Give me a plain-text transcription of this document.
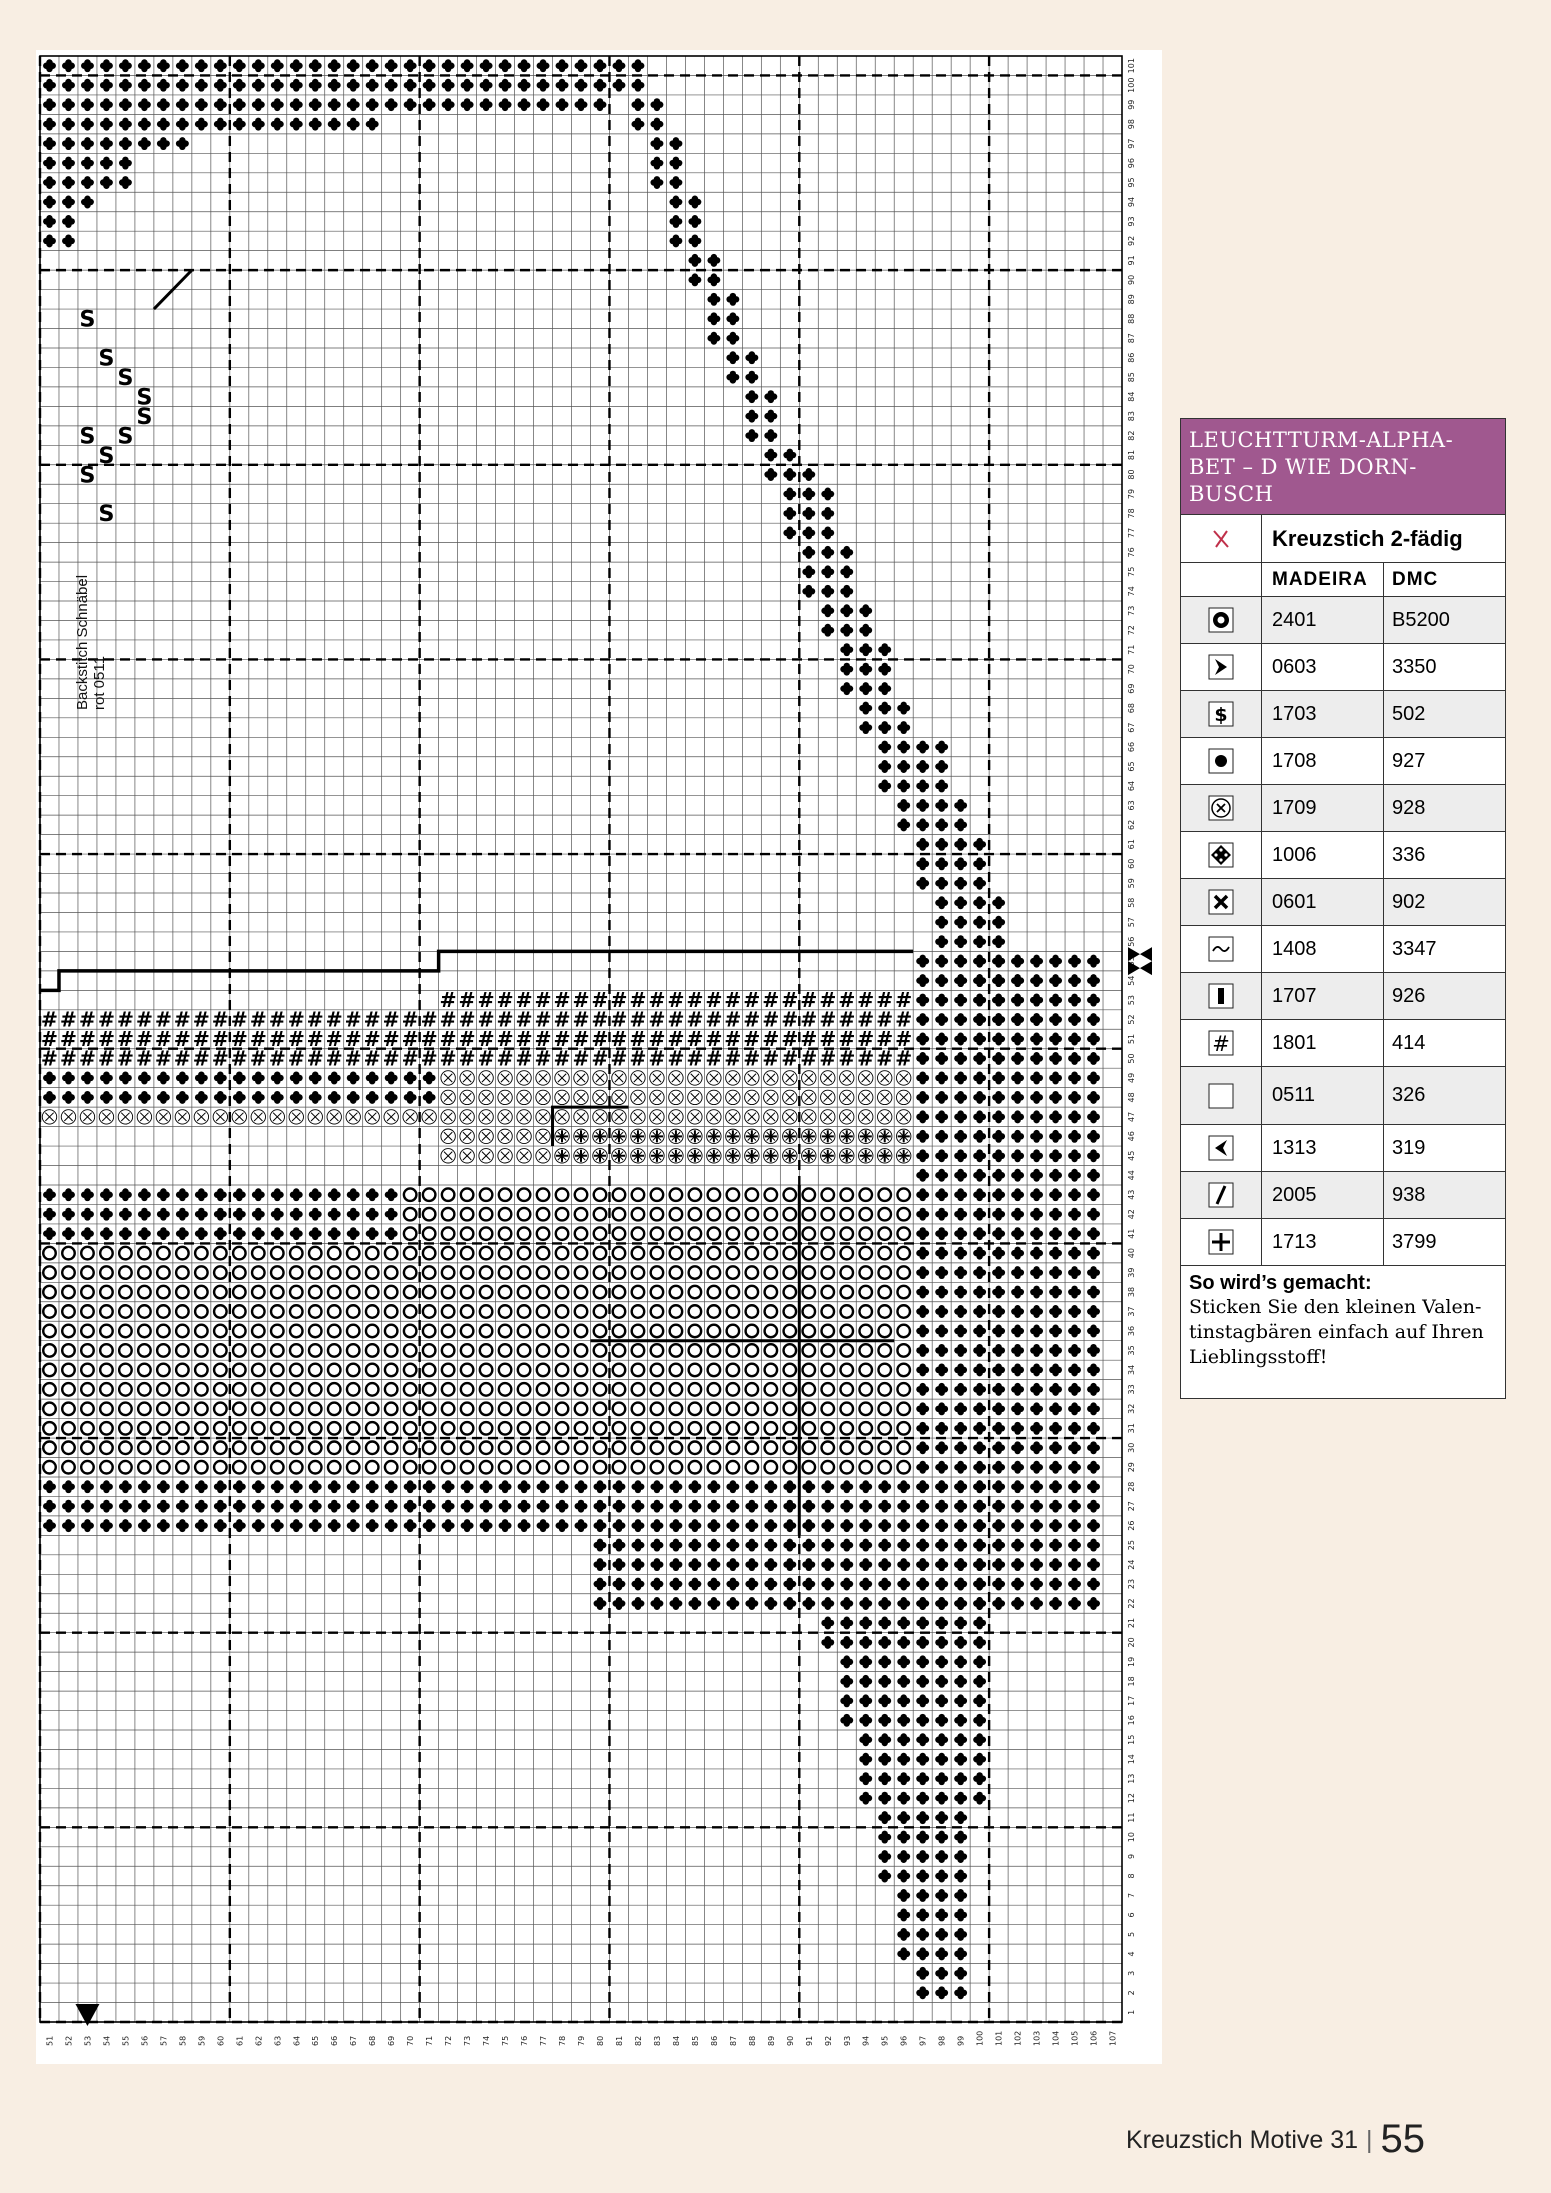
# # # # # # # # # # # # # # # # # # # # # # # # # # # # # # # # # # # # # # # # # # # # # #
# # # # # # # # # # # # # # # # # # # # # # # # # # # # # # # # # # # # # # # # # # # # # #
# # # # # # # # # # # # # # # # # # # # # # # # # # # # # # # # # # # # # # # # # # # # # #
# # # # # # # # # # # # # # # # # # # # # # # # #
S
S
S
S
S
S
S
S
S
S
51 52 53 54 55 56 57 58 59 60 61 62 63 64 65 66 67 68 69 70 71 72 73 74 75 76 77 78 79 80 81 82 83 84 85 86 87 88 89 90 91 92 93 94 95 96 97 98 99 100 101 102 103 104 105 106 107
1
2
3
4
5
6
7
8
9
10
11
12
13
14
15
16
17
18
19
20
21
22
23
24
25
26
27
28
29
30
31
32
33
34
35
36
37
38
39
40
41
42
43
44
45
46
47
48
49
50
51
52
53
54
55
56
57
58
59
60
61
62
63
64
65
66
67
68
69
70
71
72
73
74
75
76
77
78
79
80
81
82
83
84
85
86
87
88
89
90
91
92
93
94
95
96
97
98
99
100
101
Backstitch Schnäbel rot 0511
LEUCHTTURM-ALPHA-BET – D WIE DORN-BUSCH
Kreuzstich 2-fädig
MADEIRA	DMC
2401	B5200
0603	3350
$	1703	502
1708	927
1709	928
1006	336
0601	902
1408	3347
1707	926
#	1801	414
0511	326
1313	319
2005	938
1713	3799
So wird’s gemacht:
Sticken Sie den kleinen Valen-tinstagbären einfach auf Ihren Lieblingsstoff!
Kreuzstich Motive 31 | 55
